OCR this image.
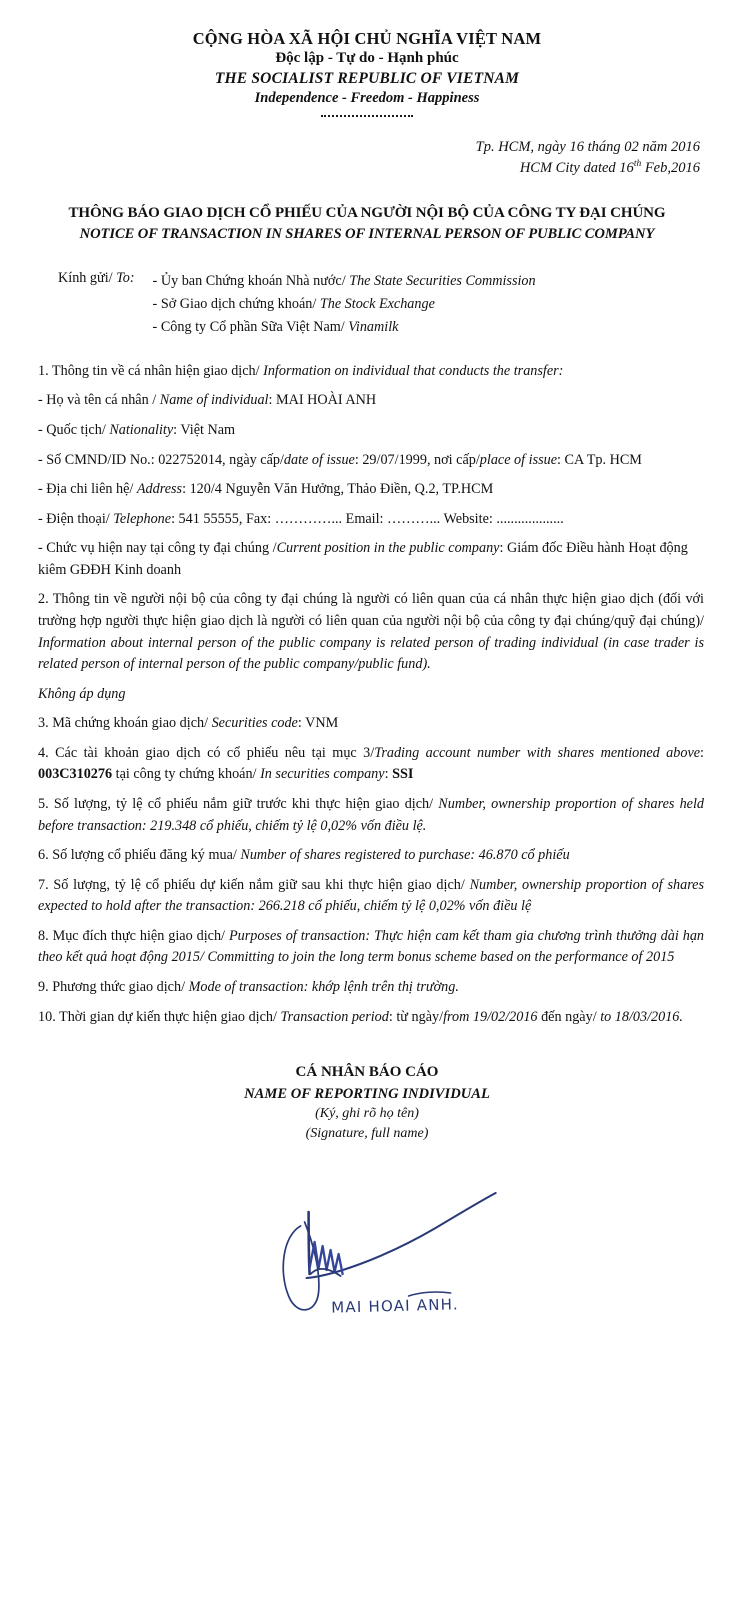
CỘNG HÒA XÃ HỘI CHỦ NGHĨA VIỆT NAM
Độc lập - Tự do - Hạnh phúc
THE SOCIALIST REPUBLIC OF VIETNAM
Independence - Freedom - Happiness
Tp. HCM, ngày 16 tháng 02 năm 2016
HCM City dated 16th Feb,2016
THÔNG BÁO GIAO DỊCH CỔ PHIẾU CỦA NGƯỜI NỘI BỘ CỦA CÔNG TY ĐẠI CHÚNG
NOTICE OF TRANSACTION IN SHARES OF INTERNAL PERSON OF PUBLIC COMPANY
Kính gửi/ To:	- Ủy ban Chứng khoán Nhà nước/ The State Securities Commission
- Sở Giao dịch chứng khoán/ The Stock Exchange
- Công ty Cổ phần Sữa Việt Nam/ Vinamilk

1. Thông tin về cá nhân hiện giao dịch/ Information on individual that conducts the transfer:

- Họ và tên cá nhân / Name of individual: MAI HOÀI ANH

- Quốc tịch/ Nationality: Việt Nam

- Số CMND/ID No.: 022752014, ngày cấp/date of issue: 29/07/1999, nơi cấp/place of issue: CA Tp. HCM

- Địa chi liên hệ/ Address: 120/4 Nguyễn Văn Hưởng, Thảo Điền, Q.2, TP.HCM

- Điện thoại/ Telephone: 541 55555, Fax: …………... Email: ………... Website: ...................

- Chức vụ hiện nay tại công ty đại chúng /Current position in the public company: Giám đốc Điều hành Hoạt động kiêm GĐĐH Kinh doanh

2. Thông tin về người nội bộ của công ty đại chúng là người có liên quan của cá nhân thực hiện giao dịch (đối với trường hợp người thực hiện giao dịch là người có liên quan của người nội bộ của công ty đại chúng/quỹ đại chúng)/ Information about internal person of the public company is related person of trading individual (in case trader is related person of internal person of the public company/public fund).

Không áp dụng

3. Mã chứng khoán giao dịch/ Securities code: VNM

4. Các tài khoản giao dịch có cổ phiếu nêu tại mục 3/Trading account number with shares mentioned above: 003C310276 tại công ty chứng khoán/ In securities company: SSI

5. Số lượng, tỷ lệ cổ phiếu nắm giữ trước khi thực hiện giao dịch/ Number, ownership proportion of shares held before transaction: 219.348 cổ phiếu, chiếm tỷ lệ 0,02% vốn điều lệ.

6. Số lượng cổ phiếu đăng ký mua/ Number of shares registered to purchase: 46.870 cổ phiếu

7. Số lượng, tỷ lệ cổ phiếu dự kiến nắm giữ sau khi thực hiện giao dịch/ Number, ownership proportion of shares expected to hold after the transaction: 266.218 cổ phiếu, chiếm tỷ lệ 0,02% vốn điều lệ

8. Mục đích thực hiện giao dịch/ Purposes of transaction: Thực hiện cam kết tham gia chương trình thưởng dài hạn theo kết quả hoạt động 2015/ Committing to join the long term bonus scheme based on the performance of 2015

9. Phương thức giao dịch/ Mode of transaction: khớp lệnh trên thị trường.

10. Thời gian dự kiến thực hiện giao dịch/ Transaction period: từ ngày/from 19/02/2016 đến ngày/ to 18/03/2016.

CÁ NHÂN BÁO CÁO
NAME OF REPORTING INDIVIDUAL
(Ký, ghi rõ họ tên)
(Signature, full name)
MAI HOAI ANH.
